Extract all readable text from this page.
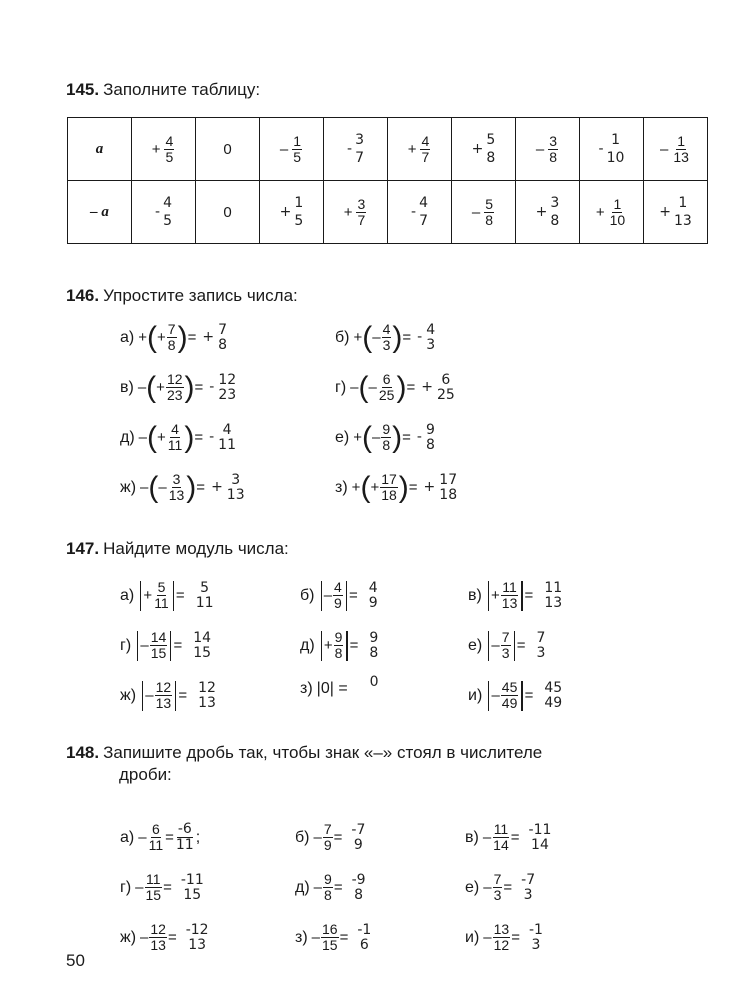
145. Заполните таблицу:
a	+ $\frac{4}{5}$	0	– $\frac{1}{5}$	-
3
7

+ $\frac{4}{7}$	+
5
8

– $\frac{3}{8}$	-
1
10

– $\frac{1}{13}$

– a	-
4
5
	0	+
1
5

+ $\frac{3}{7}$	-
4
7

– $\frac{5}{8}$	+
3
8

+ $\frac{1}{10}$	+
1
13
146. Упростите запись числа:
а) + ( + $\frac{7}{8}$ ) = + 7
8	б) + ( – $\frac{4}{3}$ ) = - 4
3
в) – ( + $\frac{12}{23}$ ) = - 12
23	г) – ( – $\frac{6}{25}$ ) = + 6
25
д) – ( + $\frac{4}{11}$ ) = - 4
11	е) + ( – $\frac{9}{8}$ ) = - 9
8
ж) – ( – $\frac{3}{13}$ ) = + 3
13	з) + ( + $\frac{17}{18}$ ) = + 17
18
147. Найдите модуль числа:
$а) + \frac{5}{11} = 5$
11	$б) - \frac{4}{9} = 4$
9	$в) + \frac{11}{13} = 11$
13
$г) - \frac{14}{15} = 14$
15	$д) + \frac{9}{8} = 9$
8	$е) - \frac{7}{3} = 7$
3
$ж) - \frac{12}{13} = 12$
13
з) |0| = 0
$и) - \frac{45}{49} = 45$
49
148. Запишите дробь так, чтобы знак «–» стоял в числителе
дроби:
$а) - \frac{6}{11} = \frac{-6}{11}$ ;	$б) - \frac{7}{9} = -7$
9	$в) - \frac{11}{14} = -11$
14
$г) - \frac{11}{15} = -11$
15	$д) - \frac{9}{8} = -9$
8	$е) - \frac{7}{3} = -7$
3
$ж) - \frac{12}{13} = -12$
13	$з) - \frac{16}{15} = -1$
6	$и) - \frac{13}{12} = -1$
3
50
